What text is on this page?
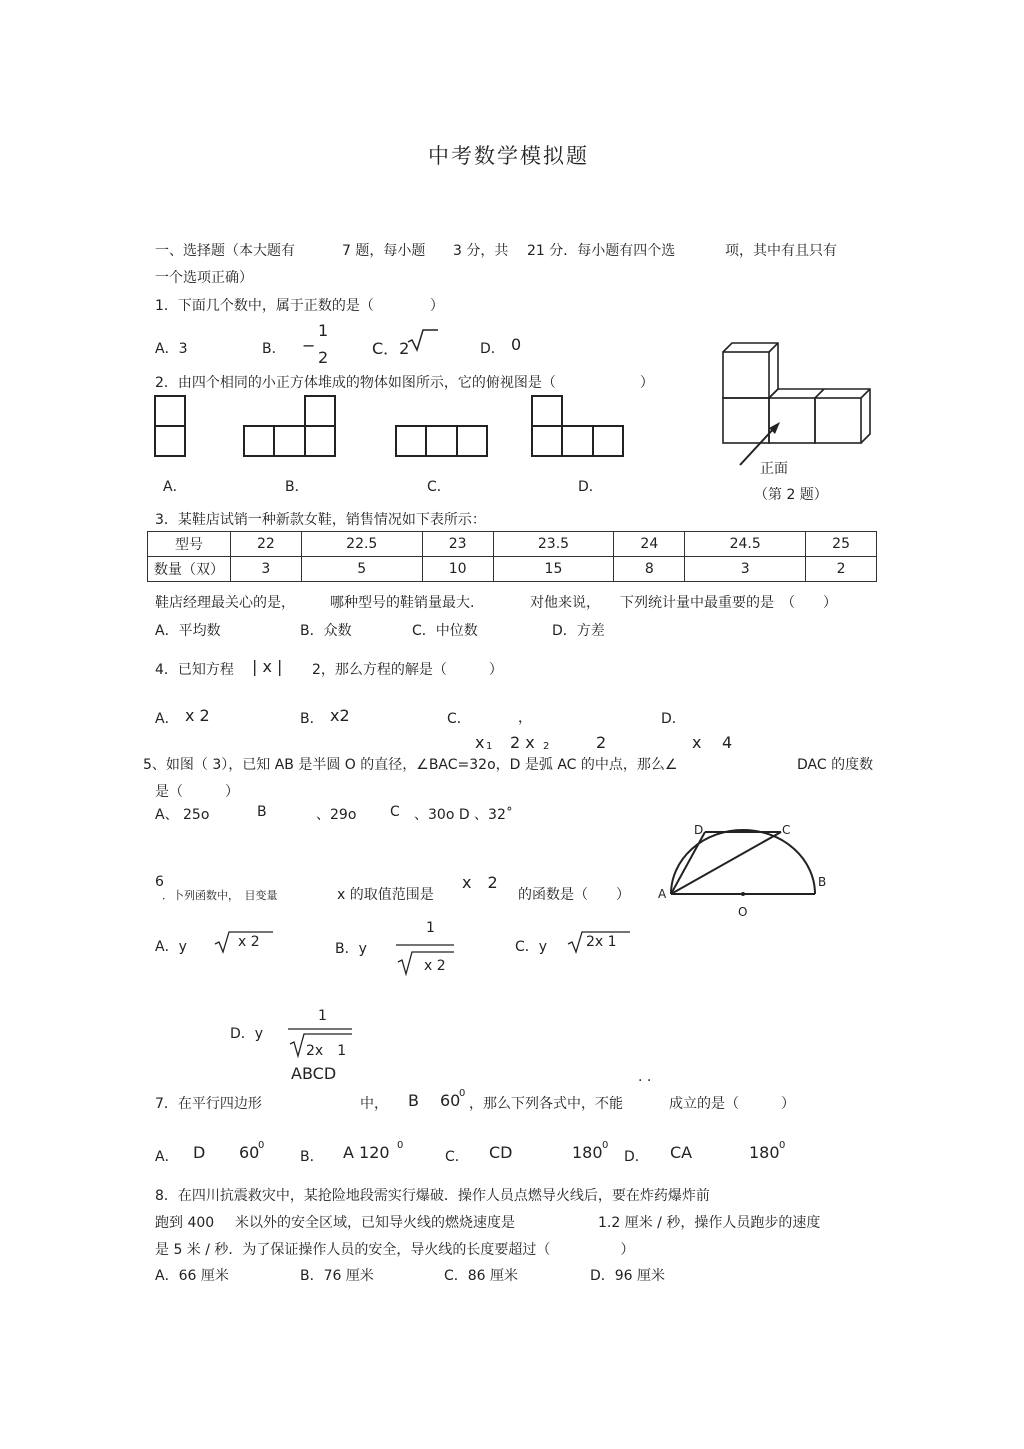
中考数学模拟题
一、选择题（本大题有	7 题，每小题 3 分，共 21 分．每小题有四个选	项，其中有且只有
一个选项正确）
1．下面几个数中，属于正数的是（　　　　）
A．3	B． −
1
2	C．2	D． 0
2．由四个相同的小正方体堆成的物体如图所示，它的俯视图是（　　　　　　）
A．	B．	C．	D．
正面
（第 2 题）
3．某鞋店试销一种新款女鞋，销售情况如下表所示：
型号	22	22.5	23	23.5	24	24.5	25
数量（双）	3	5	10	15	8	3	2
鞋店经理最关心的是，	哪种型号的鞋销量最大.	对他来说， 下列统计量中最重要的是　（　　）
A．平均数	B．众数	C．中位数	D．方差
4．已知方程 | x | 2，那么方程的解是（　　　）
A． x 2	B． x2	C．	，	D．
x 1 2 x 2	2	x 4
5、如图（ 3），已知 AB 是半圆 O 的直径，∠BAC=32o，D 是弧 AC 的中点，那么∠	DAC 的度数
是（　　　）
A、 25o	B	、29o C 、30o D 、32˚
D	C
A
B
O
6
．卜列函数中，　目变量	x 的取值范围是
x　2
的函数是（　　）
A．y	x 2	B．y
1
x 2
C．y	2x 1
D．y
1
2x　1
ABCD	. .
7．在平行四边形	中， B 60
0
，那么下列各式中，不能	成立的是（　　　）
A． D 60
0
B． A 120 0
C． CD	180 0
D． CA	180 0
8．在四川抗震救灾中，某抢险地段需实行爆破．操作人员点燃导火线后，要在炸药爆炸前
跑到 400 米以外的安全区域，已知导火线的燃烧速度是	1.2 厘米 / 秒，操作人员跑步的速度
是 5 米 / 秒．为了保证操作人员的安全，导火线的长度要超过（　　　　　）
A．66 厘米	B．76 厘米	C．86 厘米	D．96 厘米
